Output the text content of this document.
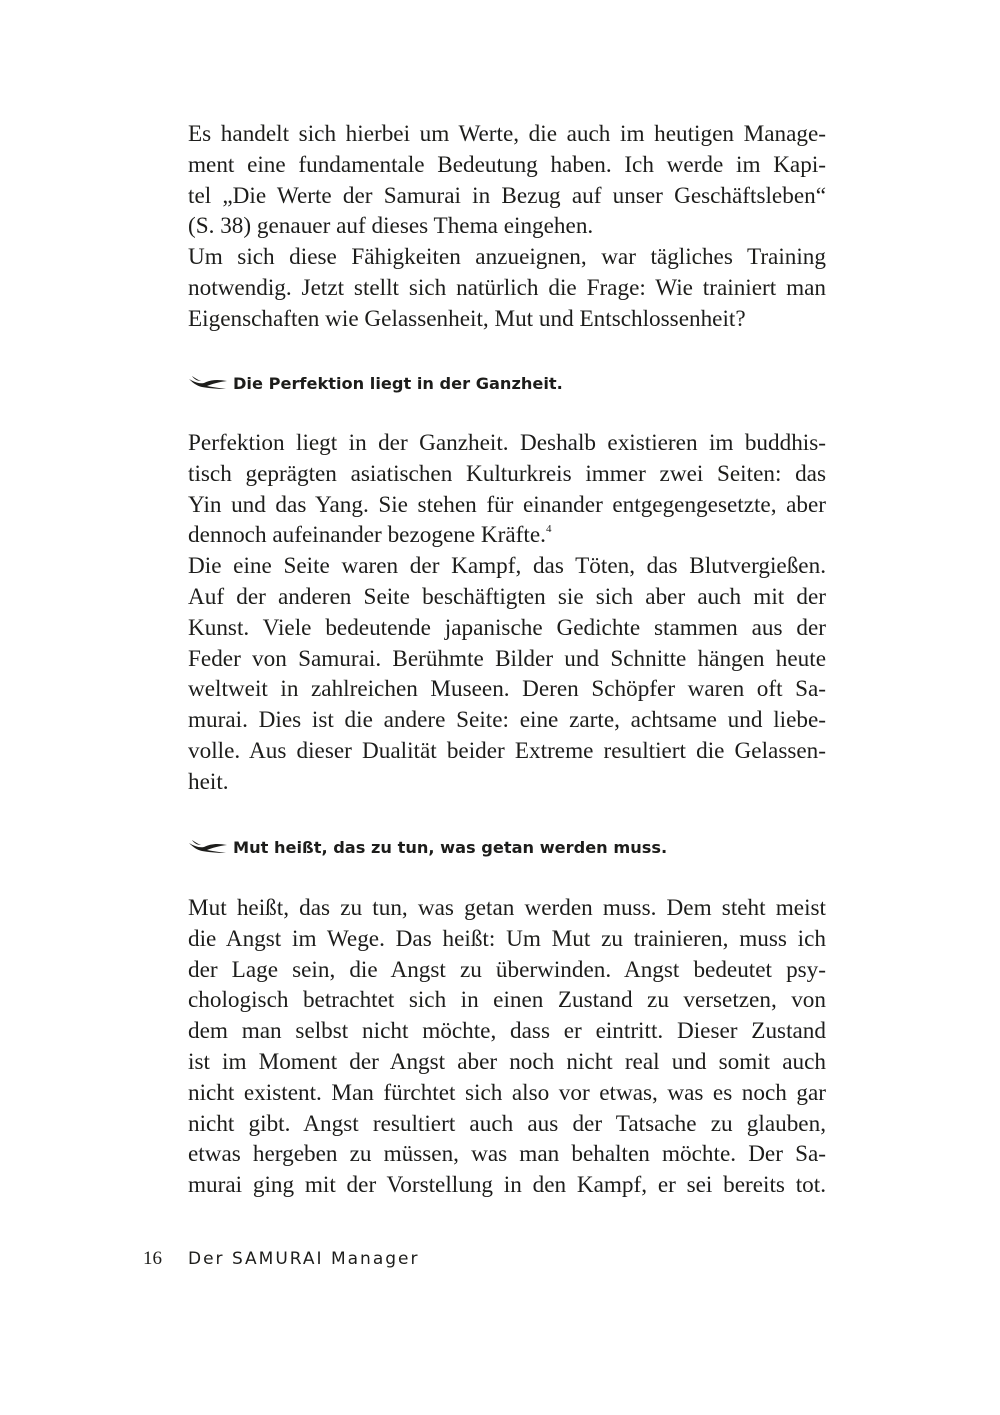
Es handelt sich hierbei um Werte, die auch im heutigen Manage-
ment eine fundamentale Bedeutung haben. Ich werde im Kapi-
tel „Die Werte der Samurai in Bezug auf unser Geschäftsleben“
(S. 38) genauer auf dieses Thema eingehen.
Um sich diese Fähigkeiten anzueignen, war tägliches Training
notwendig. Jetzt stellt sich natürlich die Frage: Wie trainiert man
Eigenschaften wie Gelassenheit, Mut und Entschlossenheit?
Die Perfektion liegt in der Ganzheit.
Perfektion liegt in der Ganzheit. Deshalb existieren im buddhis-
tisch geprägten asiatischen Kulturkreis immer zwei Seiten: das
Yin und das Yang. Sie stehen für einander entgegengesetzte, aber
dennoch aufeinander bezogene Kräfte.$^4$
Die eine Seite waren der Kampf, das Töten, das Blutvergießen.
Auf der anderen Seite beschäftigten sie sich aber auch mit der
Kunst. Viele bedeutende japanische Gedichte stammen aus der
Feder von Samurai. Berühmte Bilder und Schnitte hängen heute
weltweit in zahlreichen Museen. Deren Schöpfer waren oft Sa-
murai. Dies ist die andere Seite: eine zarte, achtsame und liebe-
volle. Aus dieser Dualität beider Extreme resultiert die Gelassen-
heit.
Mut heißt, das zu tun, was getan werden muss.
Mut heißt, das zu tun, was getan werden muss. Dem steht meist
die Angst im Wege. Das heißt: Um Mut zu trainieren, muss ich
der Lage sein, die Angst zu überwinden. Angst bedeutet psy-
chologisch betrachtet sich in einen Zustand zu versetzen, von
dem man selbst nicht möchte, dass er eintritt. Dieser Zustand
ist im Moment der Angst aber noch nicht real und somit auch
nicht existent. Man fürchtet sich also vor etwas, was es noch gar
nicht gibt. Angst resultiert auch aus der Tatsache zu glauben,
etwas hergeben zu müssen, was man behalten möchte. Der Sa-
murai ging mit der Vorstellung in den Kampf, er sei bereits tot.
16 Der SAMURAI Manager
